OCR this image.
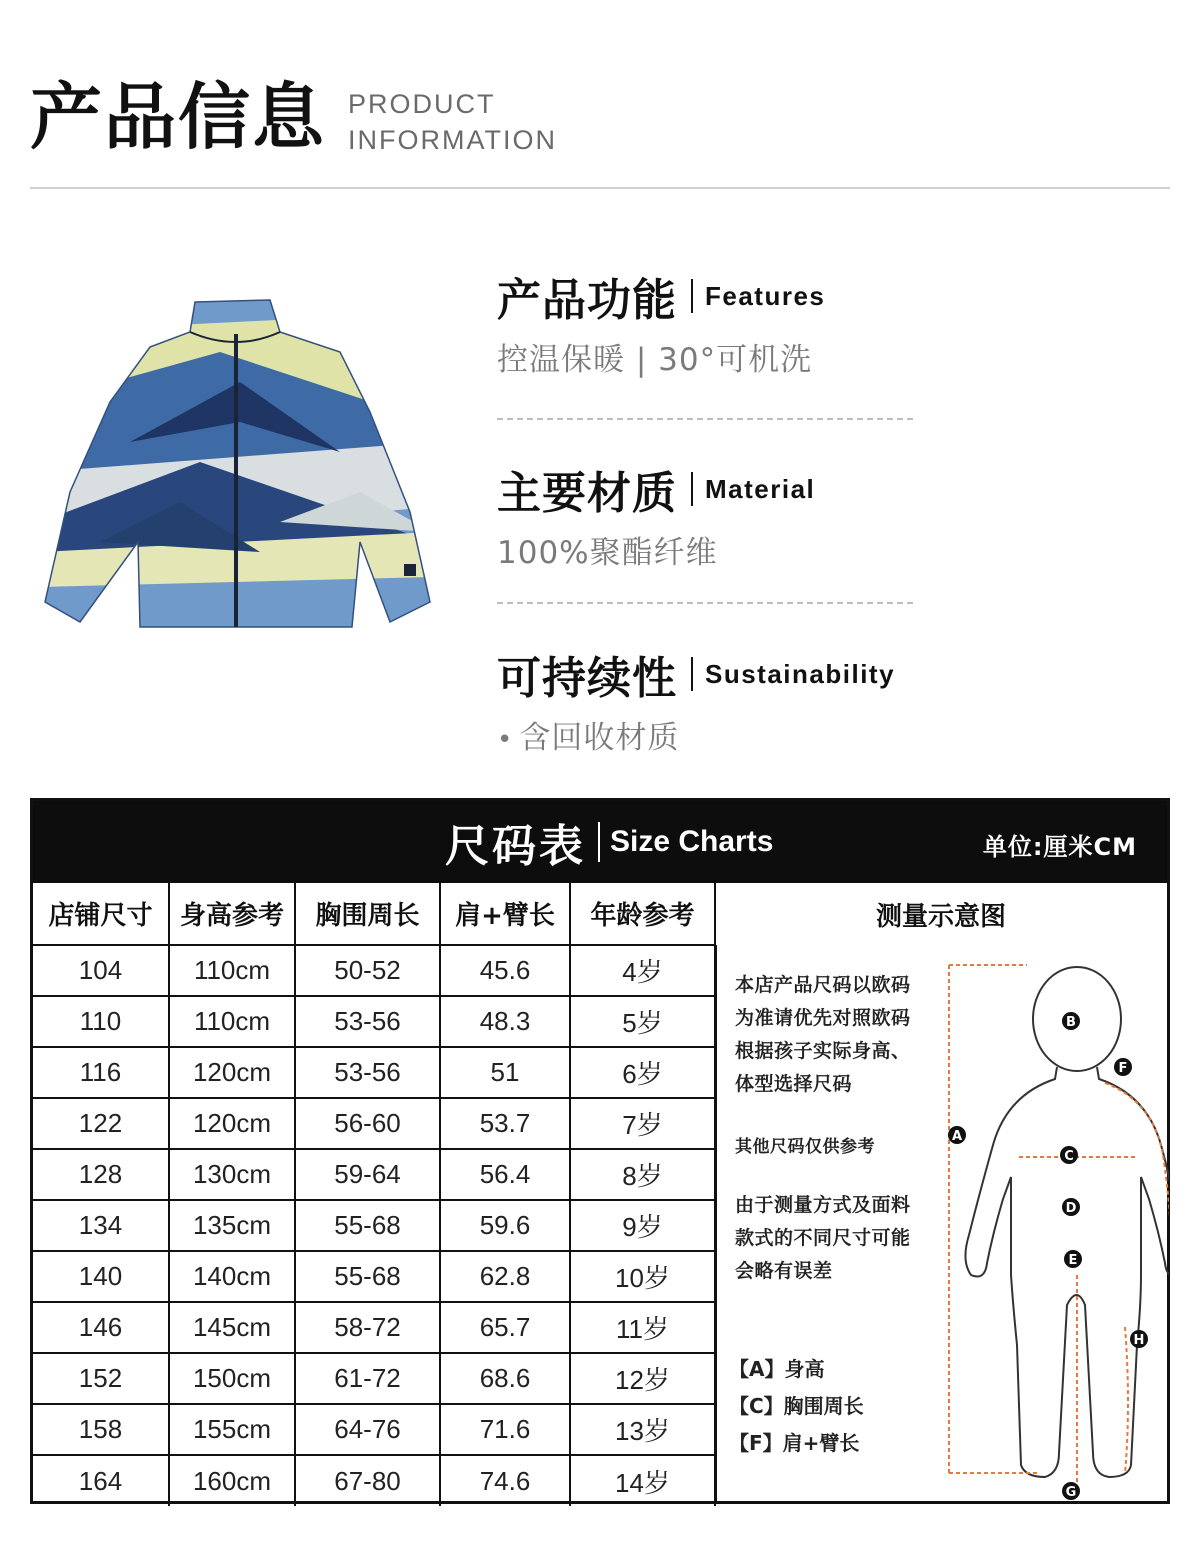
产品信息 PRODUCT
INFORMATION
产品功能 Features
控温保暖 | 30°可机洗
主要材质 Material
100%聚酯纤维
可持续性 Sustainability
• 含回收材质
尺码表 Size Charts	单位:厘米CM
店铺尺寸	身高参考	胸围周长	肩+臂长	年龄参考
104	110cm	50-52	45.6	4岁
110	110cm	53-56	48.3	5岁
116	120cm	53-56	51	6岁
122	120cm	56-60	53.7	7岁
128	130cm	59-64	56.4	8岁
134	135cm	55-68	59.6	9岁
140	140cm	55-68	62.8	10岁
146	145cm	58-72	65.7	11岁
152	150cm	61-72	68.6	12岁
158	155cm	64-76	71.6	13岁
164	160cm	67-80	74.6	14岁
测量示意图
本店产品尺码以欧码
为准请优先对照欧码
根据孩子实际身高、
体型选择尺码
其他尺码仅供参考
由于测量方式及面料
款式的不同尺寸可能
会略有误差
【A】身高
【C】胸围周长
【F】肩+臂长
A
B
C
D
E
F
G
H
